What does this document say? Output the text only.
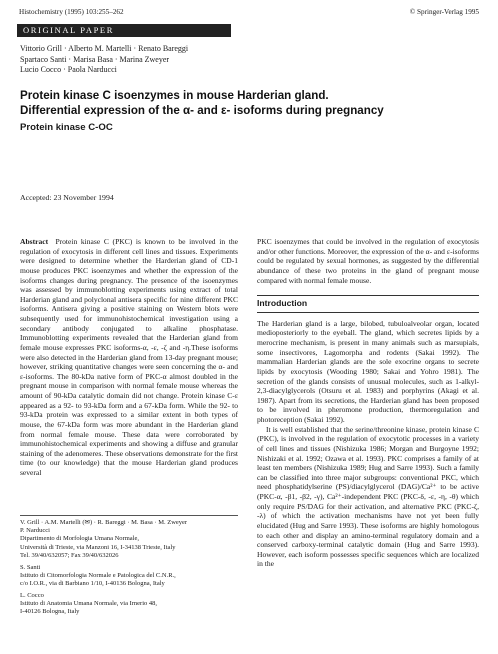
Histochemistry (1995) 103:255–262	© Springer-Verlag 1995
ORIGINAL PAPER
Vittorio Grill · Alberto M. Martelli · Renato Bareggi
Spartaco Santi · Marisa Basa · Marina Zweyer
Lucio Cocco · Paola Narducci
Protein kinase C isoenzymes in mouse Harderian gland.
Differential expression of the α- and ε- isoforms during pregnancy
Protein kinase C-OC
Accepted: 23 November 1994

Abstract Protein kinase C (PKC) is known to be involved in the regulation of exocytosis in different cell lines and tissues. Experiments were designed to determine whether the Harderian gland of CD-1 mouse produces PKC isoenzymes and whether the expression of the isoforms changes during pregnancy. The presence of the isoenzymes was assessed by immunoblotting experiments using extract of total Harderian gland and polyclonal antisera specific for nine different PKC isoforms. Antisera giving a positive staining on Western blots were subsequently used for immunohistochemical investigation using a secondary antibody conjugated to alkaline phosphatase. Immunoblotting experiments revealed that the Harderian gland from female mouse expresses PKC isoforms-α, -ε, -ζ and -η.These isoforms were also detected in the Harderian gland from 13-day pregnant mouse; however, striking quantitative changes were seen concerning the α- and ε-isoforms. The 80-kDa native form of PKC-α almost doubled in the pregnant mouse in comparison with normal female mouse whereas the amount of 90-kDa catalytic domain did not change. Protein kinase C-ε appeared as a 92- to 93-kDa form and a 67-kDa form. While the 92- to 93-kDa protein was expressed to a similar extent in both types of mouse, the 67-kDa form was more abundant in the Harderian gland from normal female mouse. These data were corroborated by immunohistochemical experiments and showing a diffuse and granular staining of the adenomeres. These observations demonstrate for the first time (to our knowledge) that the mouse Harderian gland produces several

PKC isoenzymes that could be involved in the regulation of exocytosis and/or other functions. Moreover, the expression of the α- and ε-isoforms could be regulated by sexual hormones, as suggested by the differential abundance of these two proteins in the gland of pregnant mouse compared with normal female mouse.

Introduction

The Harderian gland is a large, bilobed, tubuloalveolar organ, located medioposteriorly to the eyeball. The gland, which secretes lipids by a merocrine mechanism, is present in many animals such as marsupials, some insectivores, Lagomorpha and rodents (Sakai 1992). The mammalian Harderian glands are the sole exocrine organs to secrete lipids by exocytosis (Wooding 1980; Sakai and Yohro 1981). The secretion of the glands consists of unusual molecules, such as 1-alkyl-2,3-diacylglycerols (Otsuru et al. 1983) and porphyrins (Akagi et al. 1987). Apart from its secretions, the Harderian gland has been proposed to be involved in pheromone production, thermoregulation and photoreception (Sakai 1992).

It is well established that the serine/threonine kinase, protein kinase C (PKC), is involved in the regulation of exocytotic processes in a variety of cell lines and tissues (Nishizuka 1986; Morgan and Burgoyne 1992; Nishizaki et al. 1992; Ozawa et al. 1993). PKC comprises a family of at least ten members (Nishizuka 1989; Hug and Sarre 1993). Such a family can be classified into three major subgroups: conventional PKC, which need phosphatidylserine (PS)/diacylglycerol (DAG)/Ca²⁺ to be active (PKC-α, -β1, -β2, -γ), Ca²⁺-independent PKC (PKC-δ, -ε, -η, -θ) which only require PS/DAG for their activation, and alternative PKC (PKC-ζ, -λ) of which the activation mechanisms have not yet been fully elucidated (Hug and Sarre 1993). These isoforms are highly homologous to each other and display an amino-terminal regulatory domain and a conserved carboxy-terminal catalytic domain (Hug and Sarre 1993). However, each isoform possesses specific sequences which are localized in the

V. Grill · A.M. Martelli (✉) · R. Bareggi · M. Basa · M. Zweyer
P. Narducci
Dipartimento di Morfologia Umana Normale,
Università di Trieste, via Manzoni 16, I-34138 Trieste, Italy
Tel. 39/40/632057; Fax 39/40/632026

S. Santi
Istituto di Citomorfologia Normale e Patologica del C.N.R.,
c/o I.O.R., via di Barbiano 1/10, I-40136 Bologna, Italy

L. Cocco
Istituto di Anatomia Umana Normale, via Irnerio 48,
I-40126 Bologna, Italy
